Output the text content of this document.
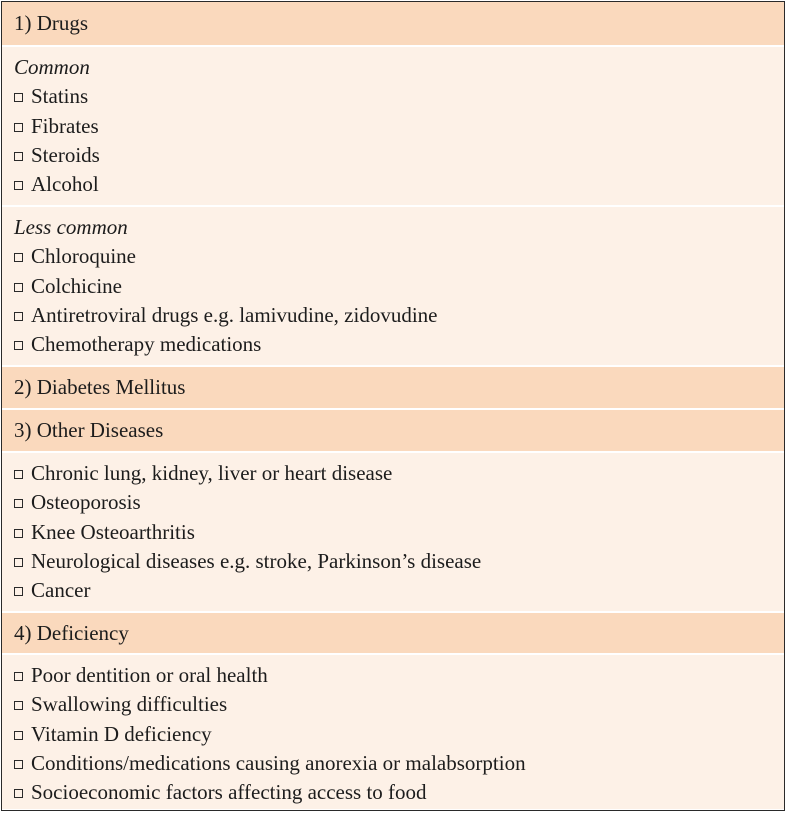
1) Drugs
Common
Statins
Fibrates
Steroids
Alcohol
Less common
Chloroquine
Colchicine
Antiretroviral drugs e.g. lamivudine, zidovudine
Chemotherapy medications
2) Diabetes Mellitus
3) Other Diseases
Chronic lung, kidney, liver or heart disease
Osteoporosis
Knee Osteoarthritis
Neurological diseases e.g. stroke, Parkinson’s disease
Cancer
4) Deficiency
Poor dentition or oral health
Swallowing difficulties
Vitamin D deficiency
Conditions/medications causing anorexia or malabsorption
Socioeconomic factors affecting access to food
